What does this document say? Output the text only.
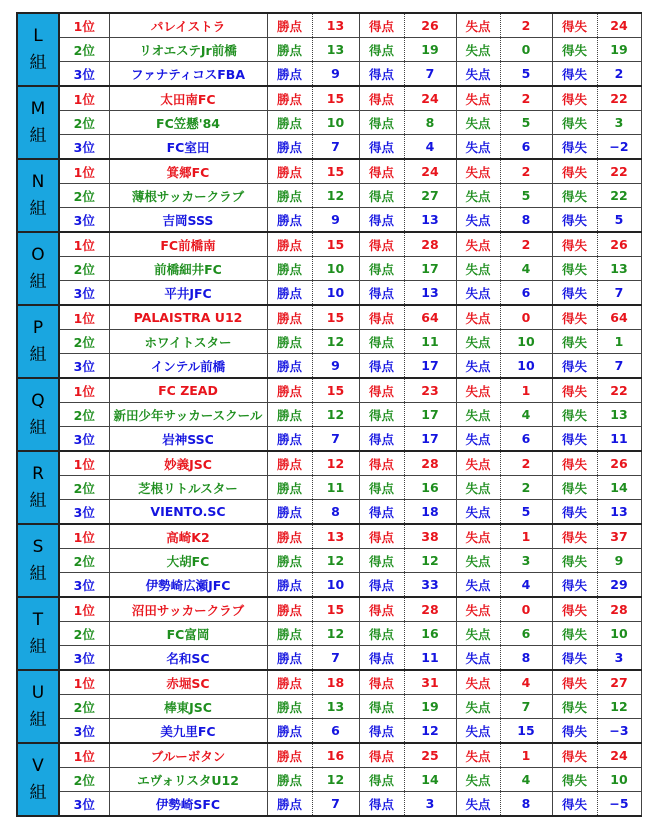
L
組	1位	パレイストラ	勝点	13	得点	26	失点	2	得失	24
	2位	リオエステJr前橋	勝点	13	得点	19	失点	0	得失	19
	3位	ファナティコスFBA	勝点	9	得点	7	失点	5	得失	2
M
組	1位	太田南FC	勝点	15	得点	24	失点	2	得失	22
	2位	FC笠懸'84	勝点	10	得点	8	失点	5	得失	3
	3位	FC室田	勝点	7	得点	4	失点	6	得失	−2
N
組	1位	箕郷FC	勝点	15	得点	24	失点	2	得失	22
	2位	薄根サッカークラブ	勝点	12	得点	27	失点	5	得失	22
	3位	吉岡SSS	勝点	9	得点	13	失点	8	得失	5
O
組	1位	FC前橋南	勝点	15	得点	28	失点	2	得失	26
	2位	前橋細井FC	勝点	10	得点	17	失点	4	得失	13
	3位	平井JFC	勝点	10	得点	13	失点	6	得失	7
P
組	1位	PALAISTRA U12	勝点	15	得点	64	失点	0	得失	64
	2位	ホワイトスター	勝点	12	得点	11	失点	10	得失	1
	3位	インテル前橋	勝点	9	得点	17	失点	10	得失	7
Q
組	1位	FC ZEAD	勝点	15	得点	23	失点	1	得失	22
	2位	新田少年サッカースクール	勝点	12	得点	17	失点	4	得失	13
	3位	岩神SSC	勝点	7	得点	17	失点	6	得失	11
R
組	1位	妙義JSC	勝点	12	得点	28	失点	2	得失	26
	2位	芝根リトルスター	勝点	11	得点	16	失点	2	得失	14
	3位	VIENTO.SC	勝点	8	得点	18	失点	5	得失	13
S
組	1位	高崎K2	勝点	13	得点	38	失点	1	得失	37
	2位	大胡FC	勝点	12	得点	12	失点	3	得失	9
	3位	伊勢崎広瀬JFC	勝点	10	得点	33	失点	4	得失	29
T
組	1位	沼田サッカークラブ	勝点	15	得点	28	失点	0	得失	28
	2位	FC富岡	勝点	12	得点	16	失点	6	得失	10
	3位	名和SC	勝点	7	得点	11	失点	8	得失	3
U
組	1位	赤堀SC	勝点	18	得点	31	失点	4	得失	27
	2位	棒東JSC	勝点	13	得点	19	失点	7	得失	12
	3位	美九里FC	勝点	6	得点	12	失点	15	得失	−3
V
組	1位	ブルーボタン	勝点	16	得点	25	失点	1	得失	24
	2位	エヴォリスタU12	勝点	12	得点	14	失点	4	得失	10
	3位	伊勢崎SFC	勝点	7	得点	3	失点	8	得失	−5
